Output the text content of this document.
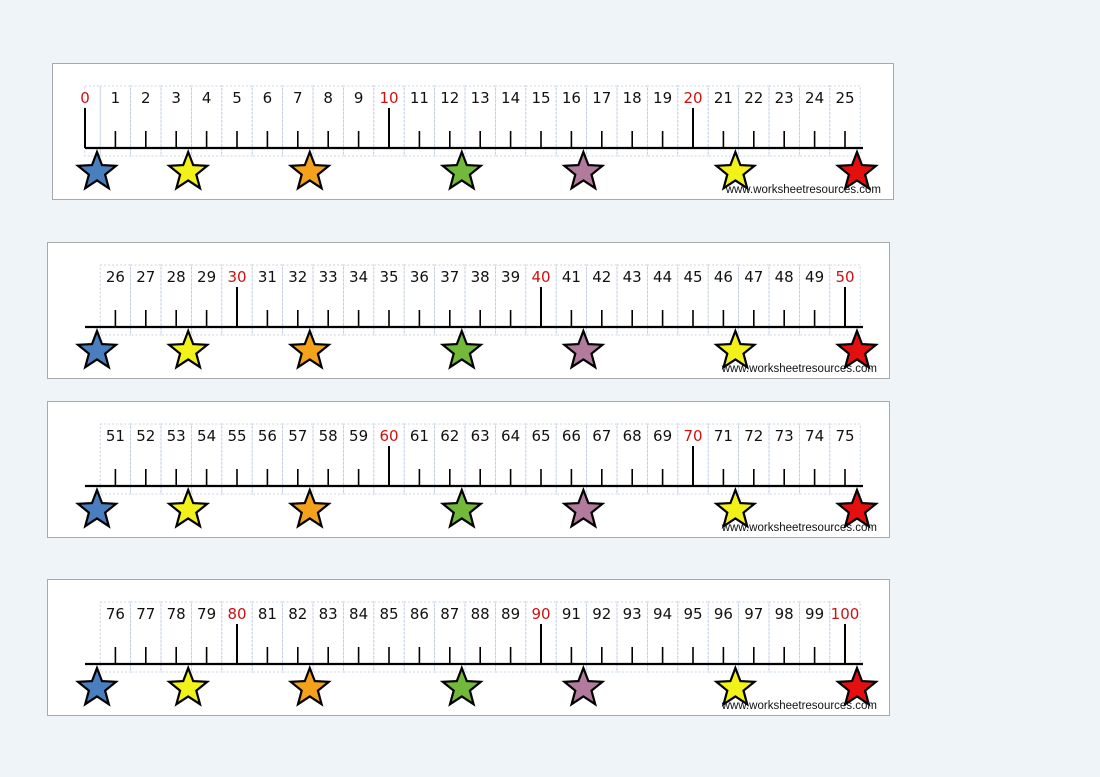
0 1 2 3 4 5 6 7 8 9 10 11 12 13 14 15 16 17 18 19 20 21 22 23 24 25
www.worksheetresources.com
26 27 28 29 30 31 32 33 34 35 36 37 38 39 40 41 42 43 44 45 46 47 48 49 50
www.worksheetresources.com
51 52 53 54 55 56 57 58 59 60 61 62 63 64 65 66 67 68 69 70 71 72 73 74 75
www.worksheetresources.com
76 77 78 79 80 81 82 83 84 85 86 87 88 89 90 91 92 93 94 95 96 97 98 99 100
www.worksheetresources.com
